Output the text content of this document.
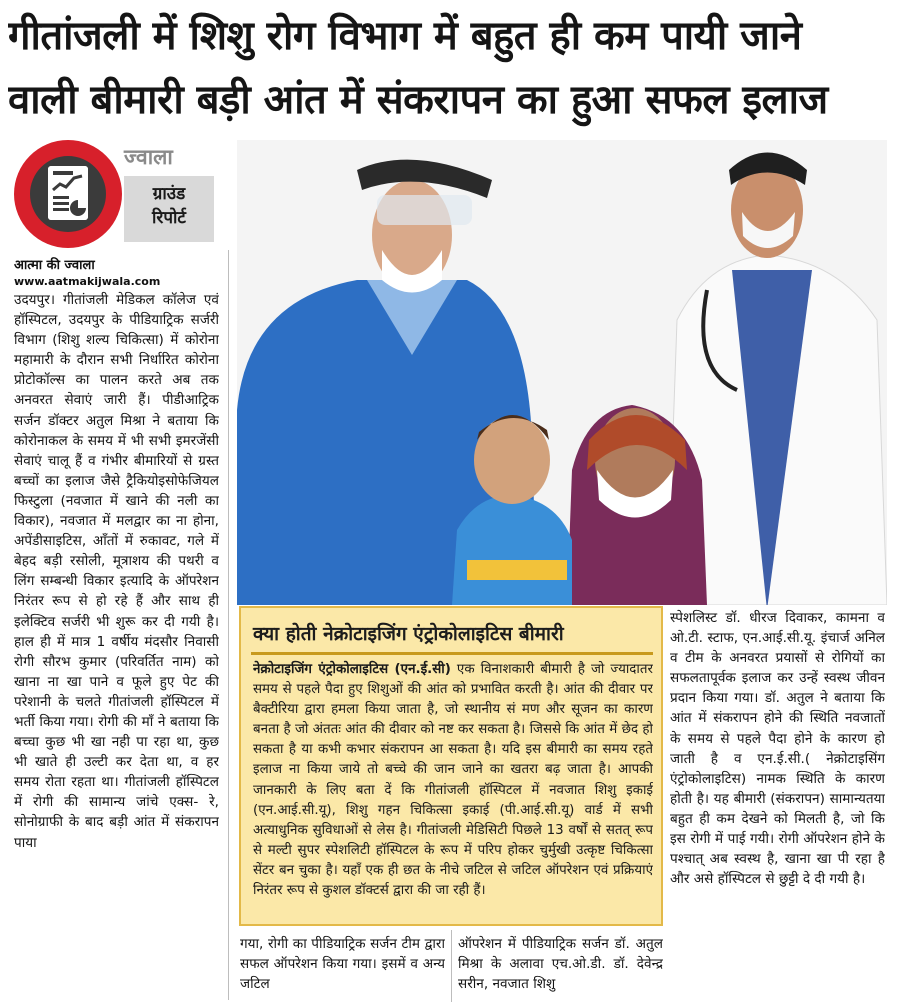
गीतांजली में शिशु रोग विभाग में बहुत ही कम पायी जाने
वाली बीमारी बड़ी आंत में संकरापन का हुआ सफल इलाज
ज्वाला
ग्राउंड
रिपोर्ट
आत्मा की ज्वाला
www.aatmakijwala.com
उदयपुर। गीतांजली मेडिकल कॉलेज एवं हॉस्पिटल, उदयपुर के पीडियाट्रिक सर्जरी विभाग (शिशु शल्य चिकित्सा) में कोरोना महामारी के दौरान सभी निर्धारित कोरोना प्रोटोकॉल्स का पालन करते अब तक अनवरत सेवाएं जारी हैं। पीडीआट्रिक सर्जन डॉक्टर अतुल मिश्रा ने बताया कि कोरोनाकल के समय में भी सभी इमरजेंसी सेवाएं चालू हैं व गंभीर बीमारियों से ग्रस्त बच्चों का इलाज जैसे ट्रैकियोइसोफेजियल फिस्टुला (नवजात में खाने की नली का विकार), नवजात में मलद्वार का ना होना, अपेंडीसाइटिस, आँतों में रुकावट, गले में बेहद बड़ी रसोली, मूत्राशय की पथरी व लिंग सम्बन्धी विकार इत्यादि के ऑपरेशन निरंतर रूप से हो रहे हैं और साथ ही इलेक्टिव सर्जरी भी शुरू कर दी गयी है। हाल ही में मात्र 1 वर्षीय मंदसौर निवासी रोगी सौरभ कुमार (परिवर्तित नाम) को खाना ना खा पाने व फूले हुए पेट की परेशानी के चलते गीतांजली हॉस्पिटल में भर्ती किया गया। रोगी की माँ ने बताया कि बच्चा कुछ भी खा नही पा रहा था, कुछ भी खाते ही उल्टी कर देता था, व हर समय रोता रहता था। गीतांजली हॉस्पिटल में रोगी की सामान्य जांचे एक्स- रे, सोनोग्राफी के बाद बड़ी आंत में संकरापन पाया
क्या होती नेक्रोटाइजिंग एंट्रोकोलाइटिस बीमारी
नेक्रोटाइजिंग एंट्रोकोलाइटिस (एन.ई.सी) एक विनाशकारी बीमारी है जो ज्यादातर समय से पहले पैदा हुए शिशुओं की आंत को प्रभावित करती है। आंत की दीवार पर बैक्टीरिया द्वारा हमला किया जाता है, जो स्थानीय सं मण और सूजन का कारण बनता है जो अंततः आंत की दीवार को नष्ट कर सकता है। जिससे कि आंत में छेद हो सकता है या कभी कभार संकरापन आ सकता है। यदि इस बीमारी का समय रहते इलाज ना किया जाये तो बच्चे की जान जाने का खतरा बढ़ जाता है। आपकी जानकारी के लिए बता दें कि गीतांजली हॉस्पिटल में नवजात शिशु इकाई (एन.आई.सी.यू), शिशु गहन चिकित्सा इकाई (पी.आई.सी.यू) वार्ड में सभी अत्याधुनिक सुविधाओं से लेस है। गीतांजली मेडिसिटी पिछले 13 वर्षों से सतत् रूप से मल्टी सुपर स्पेशलिटी हॉस्पिटल के रूप में परिप होकर चुर्मुखी उत्कृष्ट चिकित्सा सेंटर बन चुका है। यहाँ एक ही छत के नीचे जटिल से जटिल ऑपरेशन एवं प्रक्रियाएं निरंतर रूप से कुशल डॉक्टर्स द्वारा की जा रही हैं।
गया, रोगी का पीडियाट्रिक सर्जन टीम द्वारा सफल ऑपरेशन किया गया। इसमें व अन्य जटिल
ऑपरेशन में पीडियाट्रिक सर्जन डॉ. अतुल मिश्रा के अलावा एच.ओ.डी. डॉ. देवेन्द्र सरीन, नवजात शिशु
स्पेशलिस्ट डॉ. धीरज दिवाकर, कामना व ओ.टी. स्टाफ, एन.आई.सी.यू. इंचार्ज अनिल व टीम के अनवरत प्रयासों से रोगियों का सफलतापूर्वक इलाज कर उन्हें स्वस्थ जीवन प्रदान किया गया। डॉ. अतुल ने बताया कि आंत में संकरापन होने की स्थिति नवजातों के समय से पहले पैदा होने के कारण हो जाती है व एन.ई.सी.( नेक्रोटाइसिंग एंट्रोकोलाइटिस) नामक स्थिति के कारण होती है। यह बीमारी (संकरापन) सामान्यतया बहुत ही कम देखने को मिलती है, जो कि इस रोगी में पाई गयी। रोगी ऑपरेशन होने के पश्चात् अब स्वस्थ है, खाना खा पी रहा है और असे हॉस्पिटल से छुट्टी दे दी गयी है।
